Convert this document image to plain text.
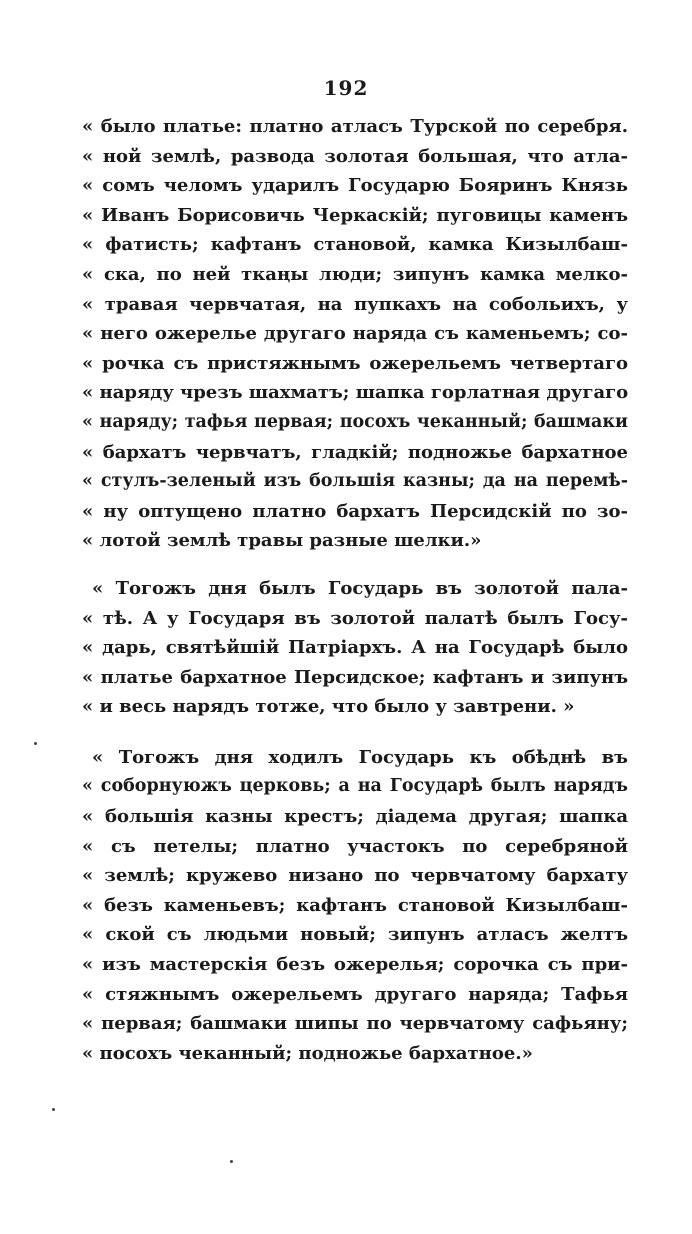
192
« было платье: платно атласъ Турской по серебря.
« ной землѣ, развода золотая большая, что атла-
« сомъ челомъ ударилъ Государю Бояринъ Князь
« Иванъ Борисовичь Черкаскій; пуговицы каменъ
« фатисть; кафтанъ становой, камка Кизылбаш-
« ска, по ней ткаңы люди; зипунъ камка мелко-
« травая червчатая, на пупкахъ на собольихъ, у
« него ожерелье другаго наряда съ каменьемъ; со-
« рочка съ пристяжнымъ ожерельемъ четвертаго
« наряду чрезъ шахматъ; шапка горлатная другаго
« наряду; тафья первая; посохъ чеканный; башмаки
« бархатъ червчатъ, гладкій; подножье бархатное
« стулъ-зеленый изъ большія казны; да на перемѣ-
« ну оптущено платно бархатъ Персидскій по зо-
« лотой землѣ травы разные шелки.»
« Тогожъ дня былъ Государь въ золотой пала-
« тѣ. А у Государя въ золотой палатѣ былъ Госу-
« дарь, святѣйшій Патріархъ. А на Государѣ было
« платье бархатное Персидское; кафтанъ и зипунъ
« и весь нарядъ тотже, что было у завтрени. »
« Тогожъ дня ходилъ Государь къ обѣднѣ въ
« соборнуюжъ церковь; а на Государѣ былъ нарядъ
« большія казны крестъ; діадема другая; шапка
« съ петелы; платно участокъ по серебряной
« землѣ; кружево низано по червчатому бархату
« безъ каменьевъ; кафтанъ становой Кизылбаш-
« ской съ людьми новый; зипунъ атласъ желтъ
« изъ мастерскія безъ ожерелья; сорочка съ при-
« стяжнымъ ожерельемъ другаго наряда; Тафья
« первая; башмаки шипы по червчатому сафьяну;
« посохъ чеканный; подножье бархатное.»
